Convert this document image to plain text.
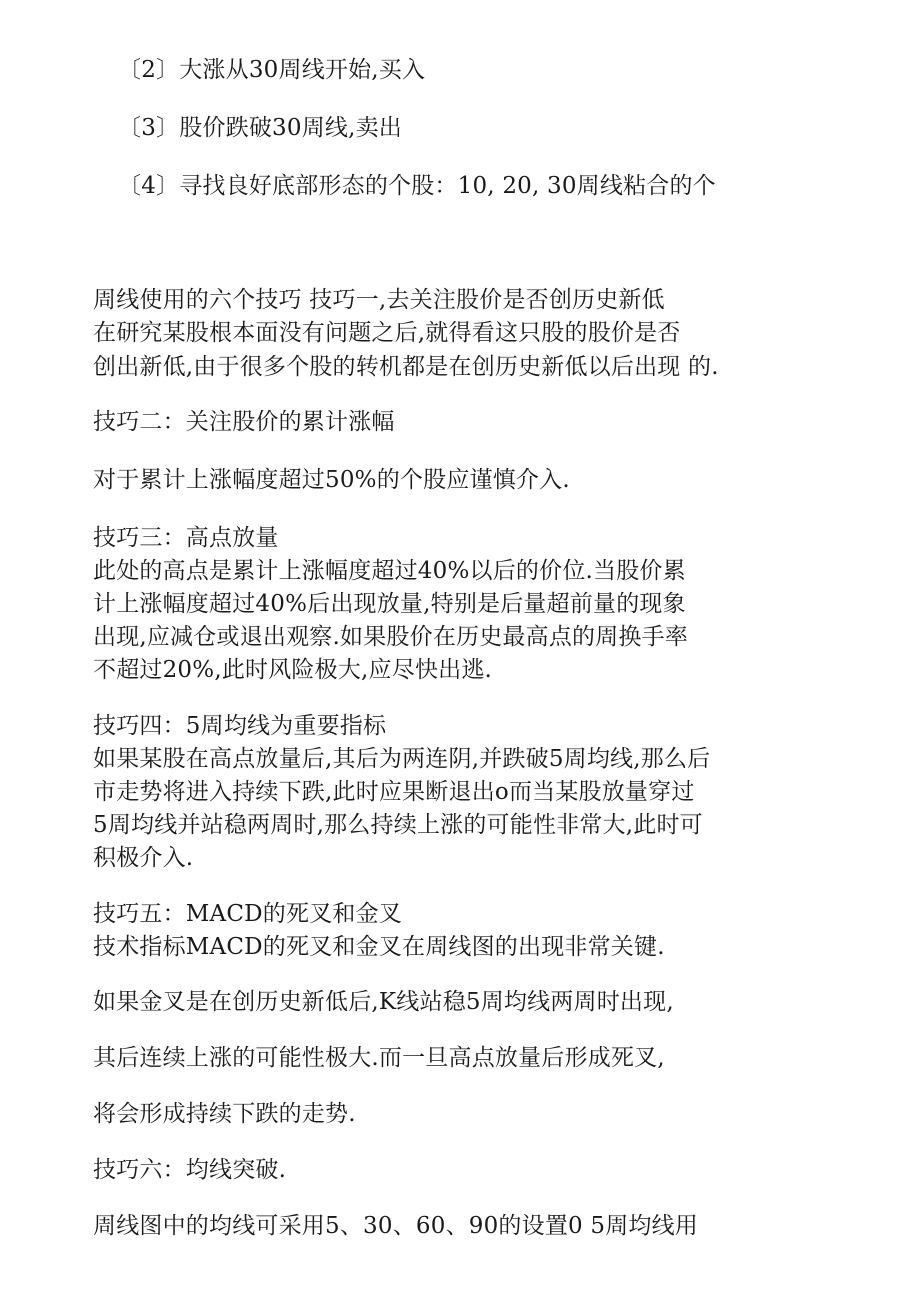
〔2〕大涨从30周线开始,买入
〔3〕股价跌破30周线,卖出
〔4〕寻找良好底部形态的个股：10, 20, 30周线粘合的个
周线使用的六个技巧 技巧一,去关注股价是否创历史新低
在研究某股根本面没有问题之后,就得看这只股的股价是否
创出新低,由于很多个股的转机都是在创历史新低以后出现 的.
技巧二：关注股价的累计涨幅
对于累计上涨幅度超过50%的个股应谨慎介入.
技巧三：高点放量
此处的高点是累计上涨幅度超过40%以后的价位.当股价累
计上涨幅度超过40%后出现放量,特别是后量超前量的现象
出现,应减仓或退出观察.如果股价在历史最高点的周换手率
不超过20%,此时风险极大,应尽快出逃.
技巧四：5周均线为重要指标
如果某股在高点放量后,其后为两连阴,并跌破5周均线,那么后
市走势将进入持续下跌,此时应果断退出o而当某股放量穿过
5周均线并站稳两周时,那么持续上涨的可能性非常大,此时可
积极介入.
技巧五：MACD的死叉和金叉
技术指标MACD的死叉和金叉在周线图的出现非常关键.
如果金叉是在创历史新低后,K线站稳5周均线两周时出现,
其后连续上涨的可能性极大.而一旦高点放量后形成死叉,
将会形成持续下跌的走势.
技巧六：均线突破.
周线图中的均线可采用5、30、60、90的设置0 5周均线用
